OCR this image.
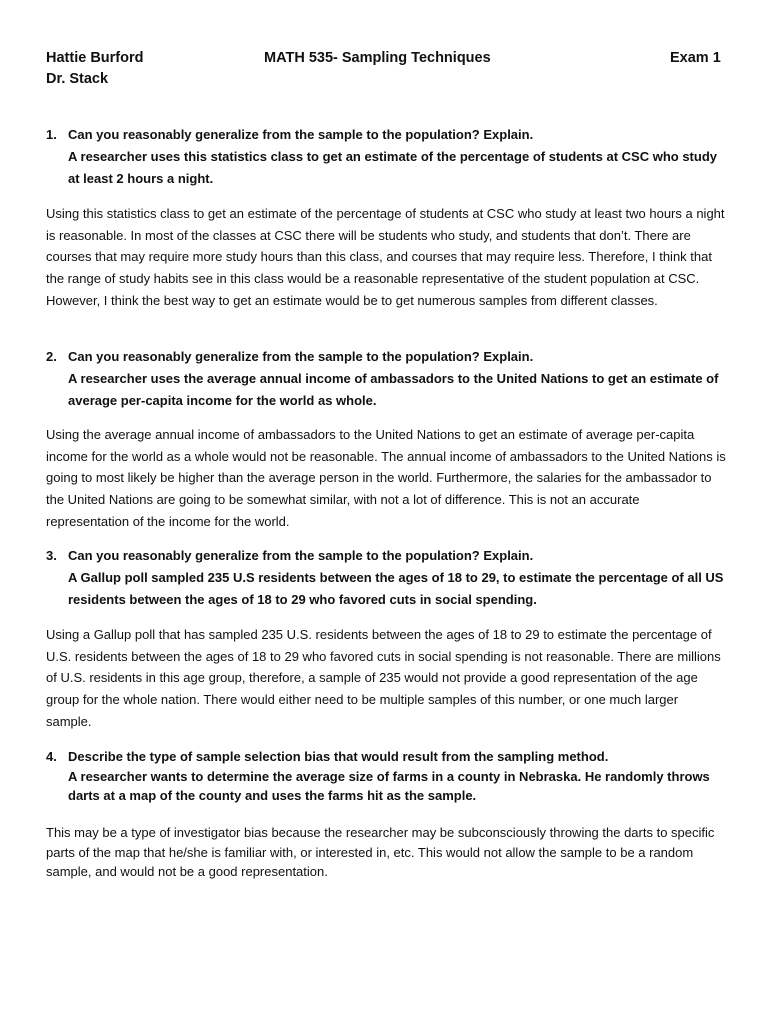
Hattie Burford	MATH 535- Sampling Techniques	Exam 1
Dr. Stack
1. Can you reasonably generalize from the sample to the population? Explain.
A researcher uses this statistics class to get an estimate of the percentage of students at CSC who study at least 2 hours a night.
Using this statistics class to get an estimate of the percentage of students at CSC who study at least two hours a night is reasonable. In most of the classes at CSC there will be students who study, and students that don’t. There are courses that may require more study hours than this class, and courses that may require less. Therefore, I think that the range of study habits see in this class would be a reasonable representative of the student population at CSC. However, I think the best way to get an estimate would be to get numerous samples from different classes.
2. Can you reasonably generalize from the sample to the population? Explain.
A researcher uses the average annual income of ambassadors to the United Nations to get an estimate of average per-capita income for the world as whole.
Using the average annual income of ambassadors to the United Nations to get an estimate of average per-capita income for the world as a whole would not be reasonable. The annual income of ambassadors to the United Nations is going to most likely be higher than the average person in the world. Furthermore, the salaries for the ambassador to the United Nations are going to be somewhat similar, with not a lot of difference. This is not an accurate representation of the income for the world.
3. Can you reasonably generalize from the sample to the population? Explain.
A Gallup poll sampled 235 U.S residents between the ages of 18 to 29, to estimate the percentage of all US residents between the ages of 18 to 29 who favored cuts in social spending.
Using a Gallup poll that has sampled 235 U.S. residents between the ages of 18 to 29 to estimate the percentage of U.S. residents between the ages of 18 to 29 who favored cuts in social spending is not reasonable. There are millions of U.S. residents in this age group, therefore, a sample of 235 would not provide a good representation of the age group for the whole nation. There would either need to be multiple samples of this number, or one much larger sample.
4. Describe the type of sample selection bias that would result from the sampling method.
A researcher wants to determine the average size of farms in a county in Nebraska. He randomly throws darts at a map of the county and uses the farms hit as the sample.
This may be a type of investigator bias because the researcher may be subconsciously throwing the darts to specific parts of the map that he/she is familiar with, or interested in, etc. This would not allow the sample to be a random sample, and would not be a good representation.
